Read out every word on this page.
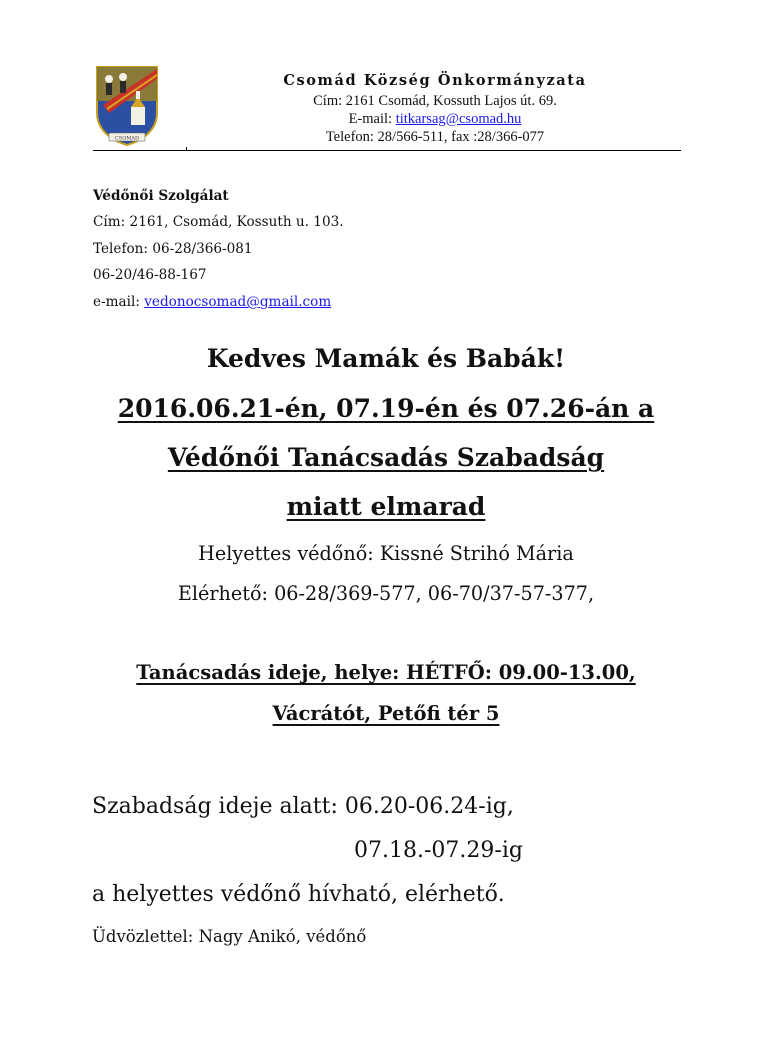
CSOMÁD
Csomád Község Önkormányzata
Cím: 2161 Csomád, Kossuth Lajos út. 69.
E-mail: titkarsag@csomad.hu
Telefon: 28/566-511, fax :28/366-077
Védőnői Szolgálat
Cím: 2161, Csomád, Kossuth u. 103.
Telefon: 06-28/366-081
06-20/46-88-167
e-mail: vedonocsomad@gmail.com
Kedves Mamák és Babák!
2016.06.21-én, 07.19-én és 07.26-án a
Védőnői Tanácsadás Szabadság
miatt elmarad
Helyettes védőnő: Kissné Strihó Mária
Elérhető: 06-28/369-577, 06-70/37-57-377,
Tanácsadás ideje, helye: HÉTFŐ: 09.00-13.00,
Vácrátót, Petőfi tér 5
Szabadság ideje alatt: 06.20-06.24-ig,
07.18.-07.29-ig
a helyettes védőnő hívható, elérhető.
Üdvözlettel: Nagy Anikó, védőnő
